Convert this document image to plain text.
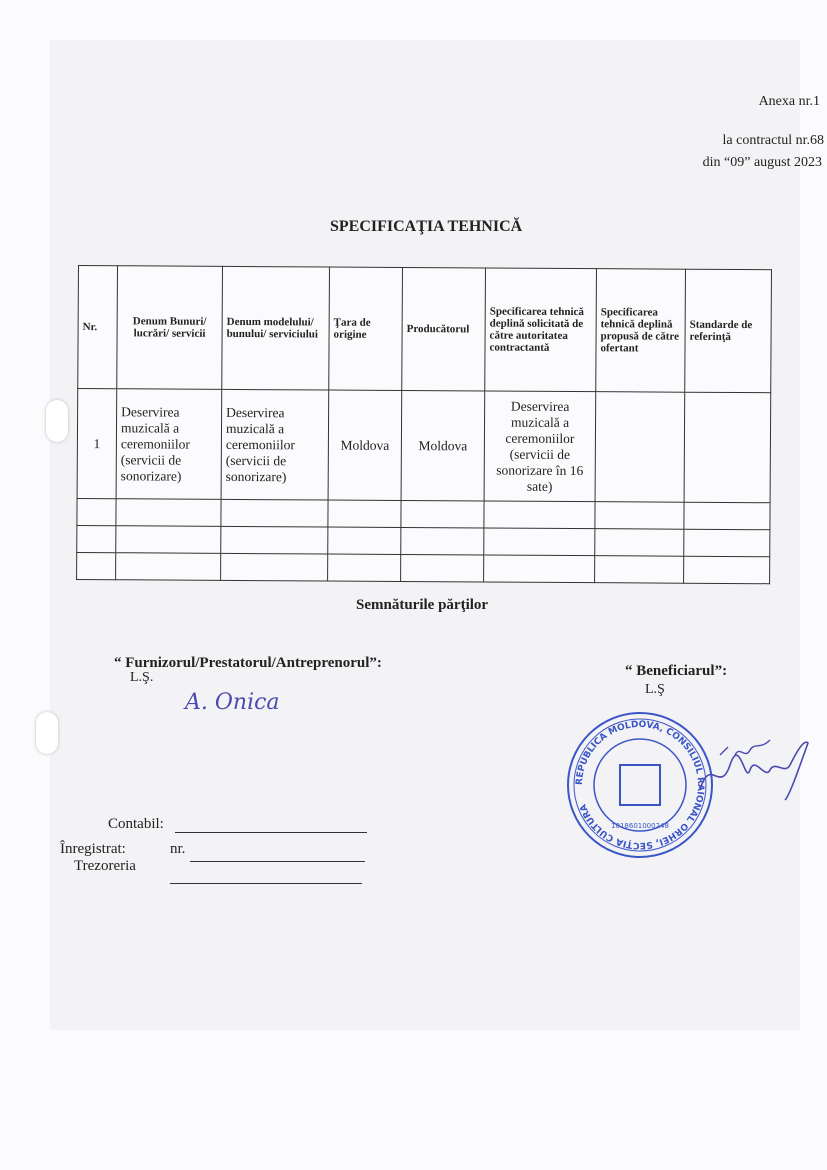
Anexa nr.1
la contractul nr.68
din “09” august 2023
SPECIFICAŢIA TEHNICĂ
Nr.	Denum Bunuri/ lucrări/ servicii	Denum modelului/ bunului/ serviciului	Ţara de origine	Producătorul	Specificarea tehnică deplină solicitată de către autoritatea contractantă	Specificarea tehnică deplină propusă de către ofertant	Standarde de referinţă
1	Deservirea muzicală a ceremoniilor (servicii de sonorizare)	Deservirea muzicală a ceremoniilor (servicii de sonorizare)	Moldova	Moldova	Deservirea muzicală a ceremoniilor (servicii de sonorizare în 16 sate)		

Semnăturile părţilor
“ Furnizorul/Prestatorul/Antreprenorul”:
L.Ş.
A. Onica
“ Beneficiarul”:
L.Ş
REPUBLICA MOLDOVA, CONSILIUL RAIONAL ORHEI, SECŢIA CULTURA
1018601000248
Contabil:
Înregistrat:	nr.
Trezoreria
